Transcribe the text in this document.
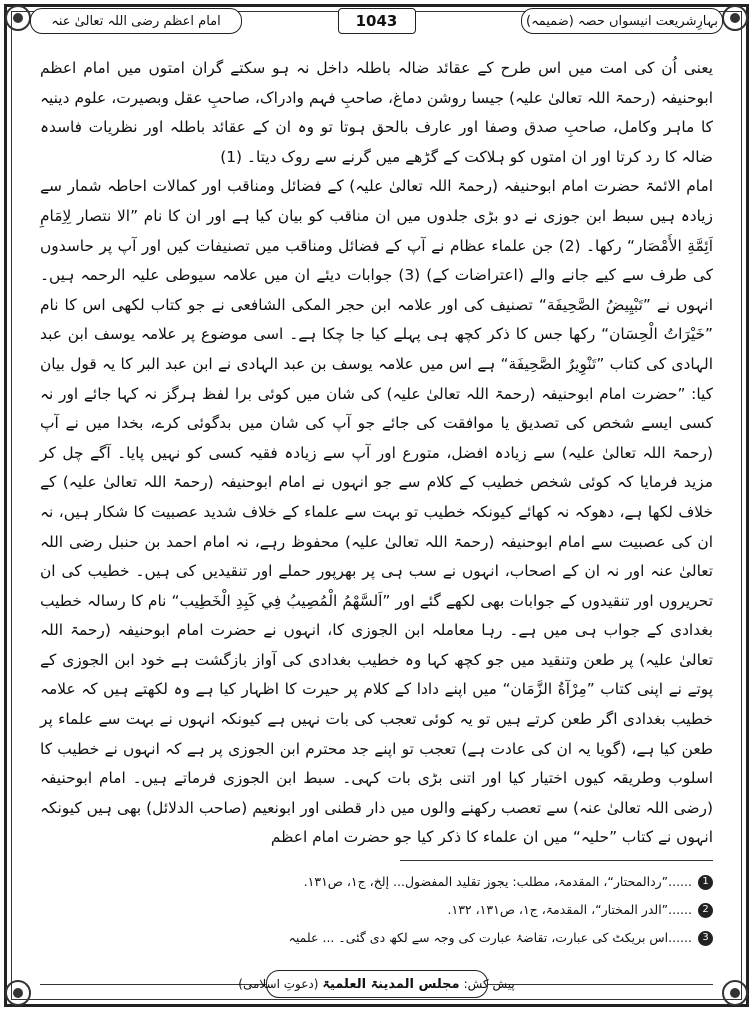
بہارِشریعت انیسواں حصہ (ضمیمہ)
1043
امام اعظم رضی اللہ تعالیٰ عنہ

یعنی اُن کی امت میں اس طرح کے عقائد ضالہ باطلہ داخل نہ ہو سکتے گران امتوں میں امام اعظم ابوحنیفہ (رحمۃ اللہ تعالیٰ علیہ) جیسا روشن دماغ، صاحبِ فہم وادراک، صاحبِ عقل وبصیرت، علوم دینیہ کا ماہر وکامل، صاحبِ صدق وصفا اور عارف بالحق ہوتا تو وہ ان کے عقائد باطلہ اور نظریات فاسدہ ضالہ کا رد کرتا اور ان امتوں کو ہلاکت کے گڑھے میں گرنے سے روک دیتا۔ (1)

امام الائمۃ حضرت امام ابوحنیفہ (رحمۃ اللہ تعالیٰ علیہ) کے فضائل ومناقب اور کمالات احاطہ شمار سے زیادہ ہیں سبط ابن جوزی نے دو بڑی جلدوں میں ان مناقب کو بیان کیا ہے اور ان کا نام ”الا نتصار لِاِمَامِ اَئِمَّةِ الأَمْصَار“ رکھا۔ (2) جن علماء عظام نے آپ کے فضائل ومناقب میں تصنیفات کیں اور آپ پر حاسدوں کی طرف سے کیے جانے والے (اعتراضات کے) (3) جوابات دیئے ان میں علامہ سیوطی علیہ الرحمہ ہیں۔ انہوں نے ”تَبْيِيضُ الصَّحِيفَة“ تصنیف کی اور علامہ ابن حجر المکی الشافعی نے جو کتاب لکھی اس کا نام ”خَيْرَاتُ الْحِسَان“ رکھا جس کا ذکر کچھ ہی پہلے کیا جا چکا ہے۔ اسی موضوع پر علامہ یوسف ابن عبد الہادی کی کتاب ”تَنْوِيرُ الصَّحِيفَة“ ہے اس میں علامہ یوسف بن عبد الہادی نے ابن عبد البر کا یہ قول بیان کیا: ”حضرت امام ابوحنیفہ (رحمۃ اللہ تعالیٰ علیہ) کی شان میں کوئی برا لفظ ہرگز نہ کہا جائے اور نہ کسی ایسے شخص کی تصدیق یا موافقت کی جائے جو آپ کی شان میں بدگوئی کرے، بخدا میں نے آپ (رحمۃ اللہ تعالیٰ علیہ) سے زیادہ افضل، متورع اور آپ سے زیادہ فقیہ کسی کو نہیں پایا۔ آگے چل کر مزید فرمایا کہ کوئی شخص خطیب کے کلام سے جو انہوں نے امام ابوحنیفہ (رحمۃ اللہ تعالیٰ علیہ) کے خلاف لکھا ہے، دھوکہ نہ کھائے کیونکہ خطیب تو بہت سے علماء کے خلاف شدید عصبیت کا شکار ہیں، نہ ان کی عصبیت سے امام ابوحنیفہ (رحمۃ اللہ تعالیٰ علیہ) محفوظ رہے، نہ امام احمد بن حنبل رضی اللہ تعالیٰ عنہ اور نہ ان کے اصحاب، انہوں نے سب ہی پر بھرپور حملے اور تنقیدیں کی ہیں۔ خطیب کی ان تحریروں اور تنقیدوں کے جوابات بھی لکھے گئے اور ”اَلسَّهْمُ الْمُصِيبُ فِي كَبِدِ الْخَطِيب“ نام کا رسالہ خطیب بغدادی کے جواب ہی میں ہے۔ رہا معاملہ ابن الجوزی کا، انہوں نے حضرت امام ابوحنیفہ (رحمۃ اللہ تعالیٰ علیہ) پر طعن وتنقید میں جو کچھ کہا وہ خطیب بغدادی کی آواز بازگشت ہے خود ابن الجوزی کے پوتے نے اپنی کتاب ”مِرْآةُ الزَّمَان“ میں اپنے دادا کے کلام پر حیرت کا اظہار کیا ہے وہ لکھتے ہیں کہ علامہ خطیب بغدادی اگر طعن کرتے ہیں تو یہ کوئی تعجب کی بات نہیں ہے کیونکہ انہوں نے بہت سے علماء پر طعن کیا ہے، (گویا یہ ان کی عادت ہے) تعجب تو اپنے جد محترم ابن الجوزی پر ہے کہ انہوں نے خطیب کا اسلوب وطریقہ کیوں اختیار کیا اور اتنی بڑی بات کہی۔ سبط ابن الجوزی فرماتے ہیں۔ امام ابوحنیفہ (رضی اللہ تعالیٰ عنہ) سے تعصب رکھنے والوں میں دار قطنی اور ابونعیم (صاحب الدلائل) بھی ہیں کیونکہ انہوں نے کتاب ”حلیہ“ میں ان علماء کا ذکر کیا جو حضرت امام اعظم

1
......”ردالمحتار“، المقدمۃ، مطلب: یجوز تقلید المفضول... إلخ، ج۱، ص۱۳۱.
2
......”الدر المختار“، المقدمۃ، ج۱، ص۱۳۱، ۱۳۲.
3
......اس بریکٹ کی عبارت، تقاضۂ عبارت کی وجہ سے لکھ دی گئی۔ ... علمیہ
پیش کش:
مجلس المدینۃ العلمیۃ
(دعوتِ اسلامی)
